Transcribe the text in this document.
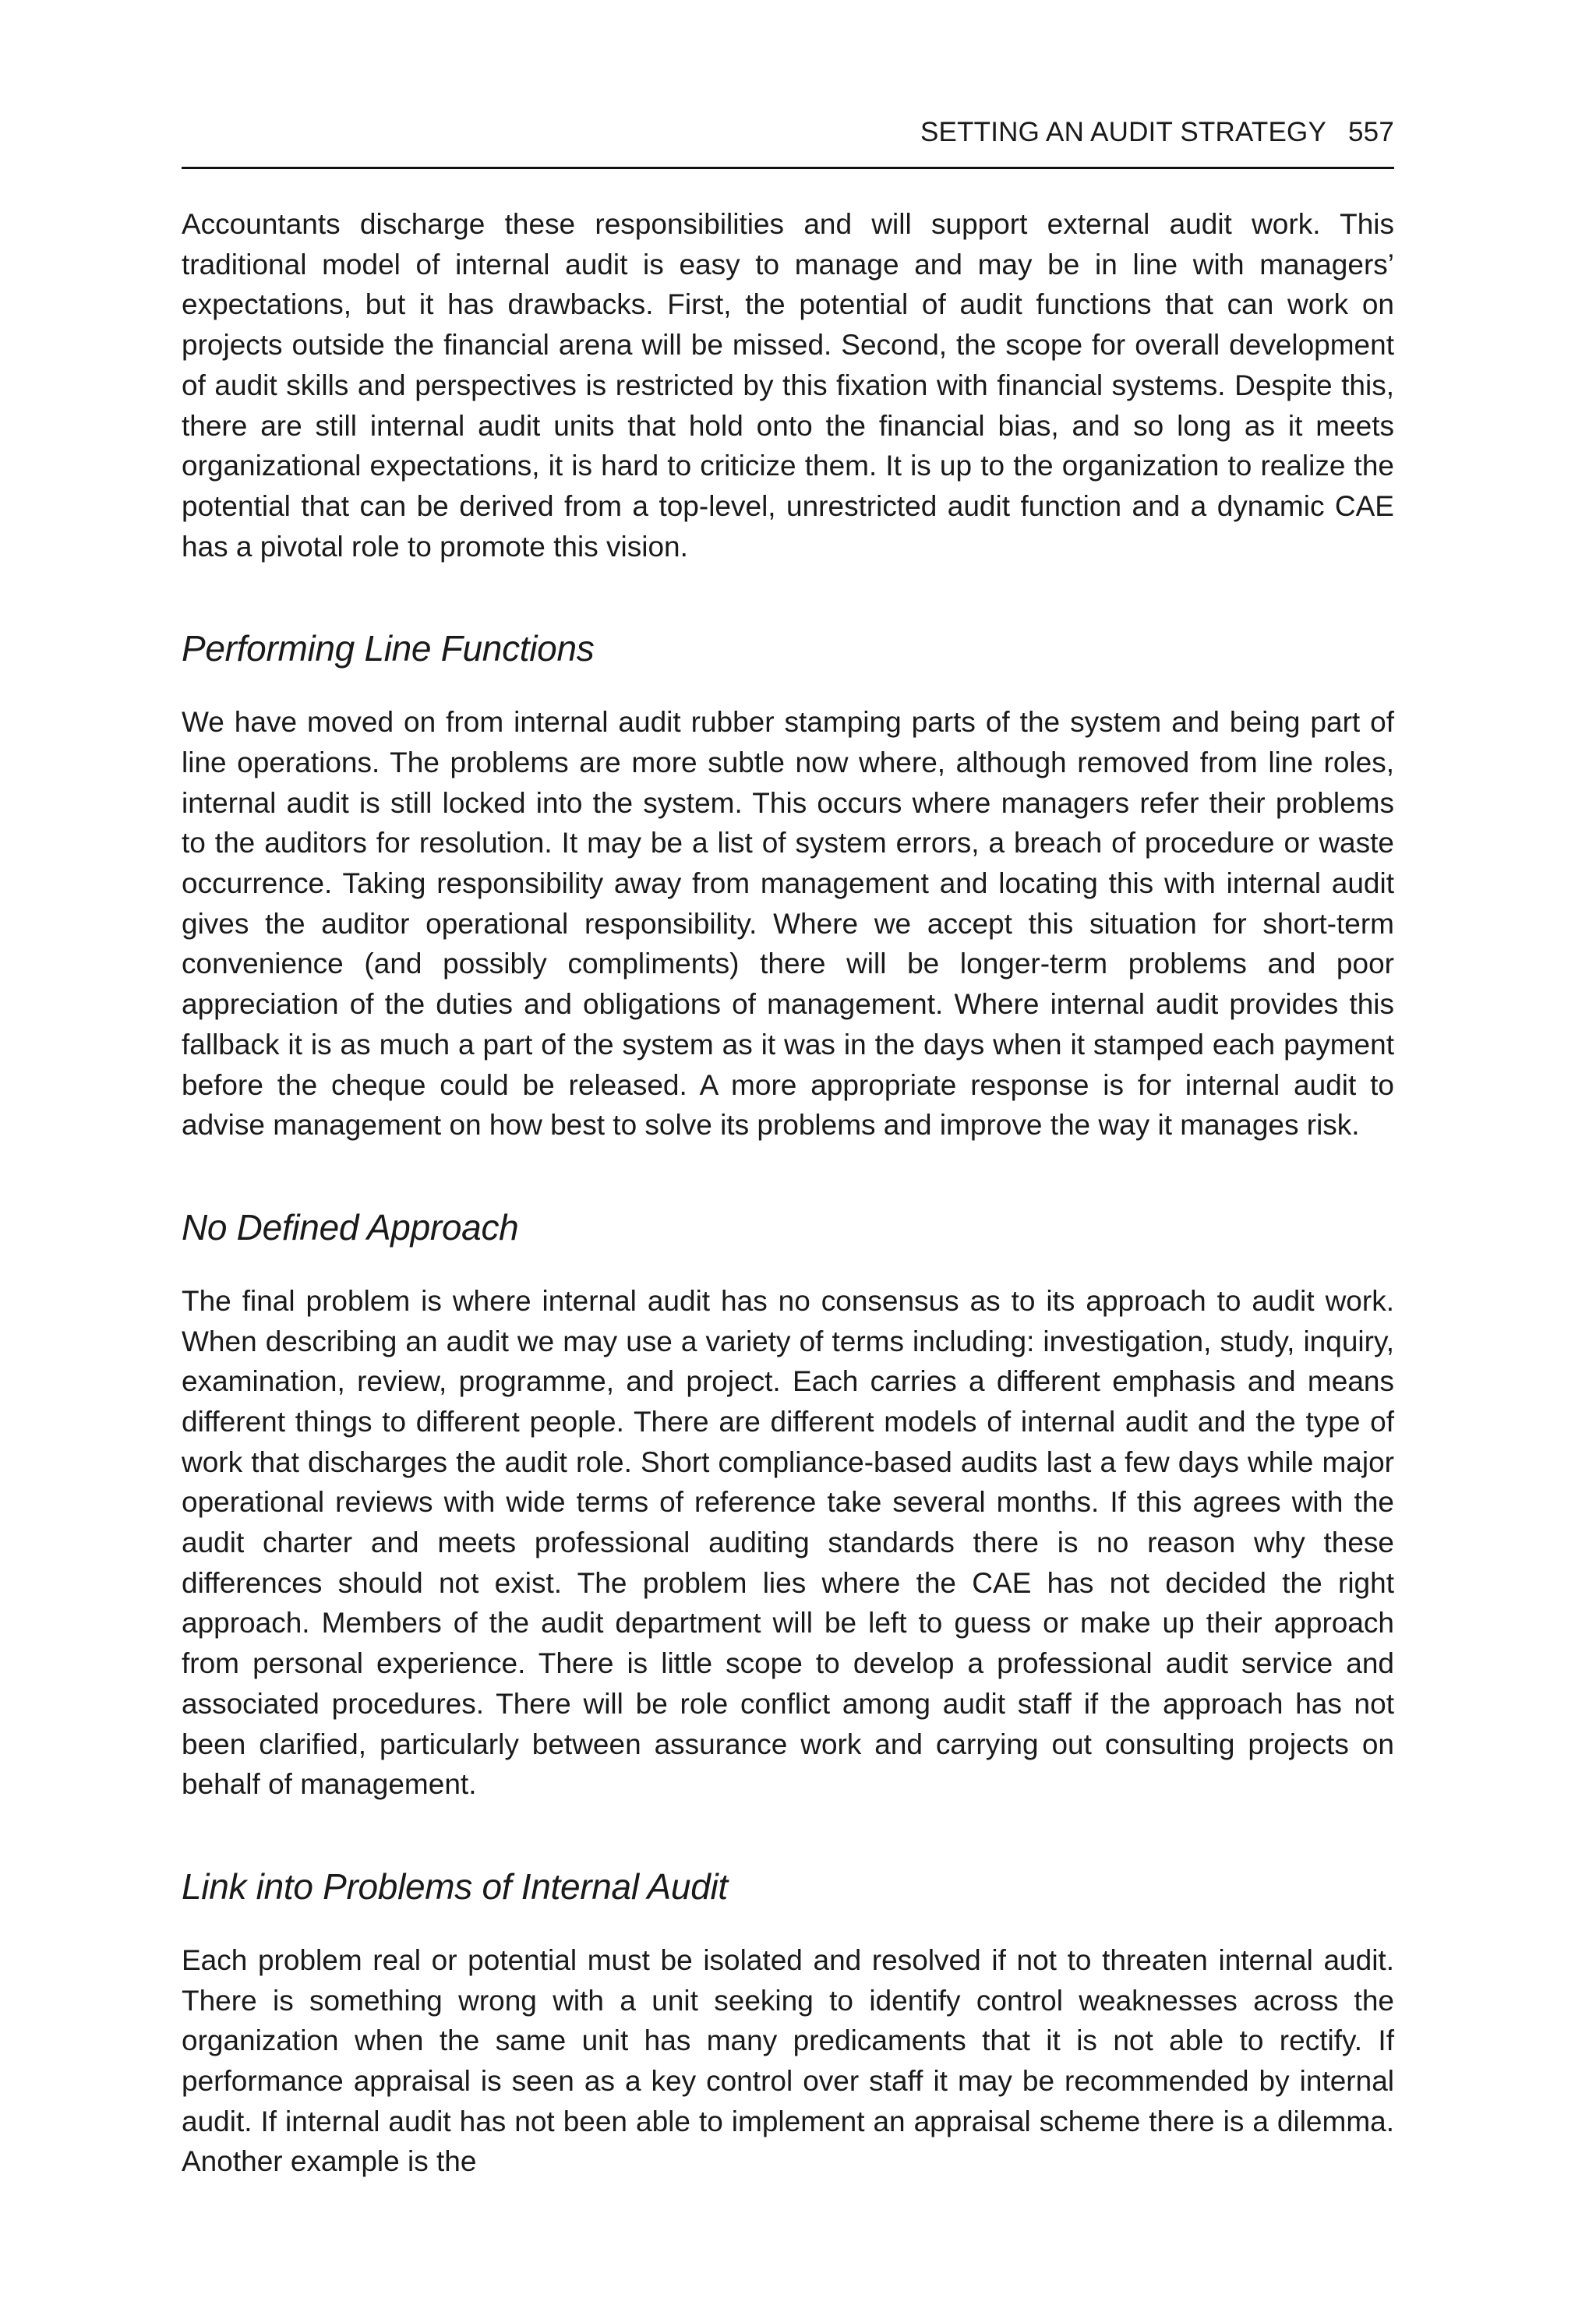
SETTING AN AUDIT STRATEGY 557

Accountants discharge these responsibilities and will support external audit work. This traditional model of internal audit is easy to manage and may be in line with managers’ expectations, but it has drawbacks. First, the potential of audit functions that can work on projects outside the financial arena will be missed. Second, the scope for overall development of audit skills and perspectives is restricted by this fixation with financial systems. Despite this, there are still internal audit units that hold onto the financial bias, and so long as it meets organizational expectations, it is hard to criticize them. It is up to the organization to realize the potential that can be derived from a top-level, unrestricted audit function and a dynamic CAE has a pivotal role to promote this vision.

Performing Line Functions

We have moved on from internal audit rubber stamping parts of the system and being part of line operations. The problems are more subtle now where, although removed from line roles, internal audit is still locked into the system. This occurs where managers refer their problems to the auditors for resolution. It may be a list of system errors, a breach of procedure or waste occurrence. Taking responsibility away from management and locating this with internal audit gives the auditor operational responsibility. Where we accept this situation for short-term convenience (and possibly compliments) there will be longer-term problems and poor appreciation of the duties and obligations of management. Where internal audit provides this fallback it is as much a part of the system as it was in the days when it stamped each payment before the cheque could be released. A more appropriate response is for internal audit to advise management on how best to solve its problems and improve the way it manages risk.

No Defined Approach

The final problem is where internal audit has no consensus as to its approach to audit work. When describing an audit we may use a variety of terms including: investigation, study, inquiry, examination, review, programme, and project. Each carries a different emphasis and means different things to different people. There are different models of internal audit and the type of work that discharges the audit role. Short compliance-based audits last a few days while major operational reviews with wide terms of reference take several months. If this agrees with the audit charter and meets professional auditing standards there is no reason why these differences should not exist. The problem lies where the CAE has not decided the right approach. Members of the audit department will be left to guess or make up their approach from personal experience. There is little scope to develop a professional audit service and associated procedures. There will be role conflict among audit staff if the approach has not been clarified, particularly between assurance work and carrying out consulting projects on behalf of management.

Link into Problems of Internal Audit

Each problem real or potential must be isolated and resolved if not to threaten internal audit. There is something wrong with a unit seeking to identify control weaknesses across the organization when the same unit has many predicaments that it is not able to rectify. If performance appraisal is seen as a key control over staff it may be recommended by internal audit. If internal audit has not been able to implement an appraisal scheme there is a dilemma. Another example is the
